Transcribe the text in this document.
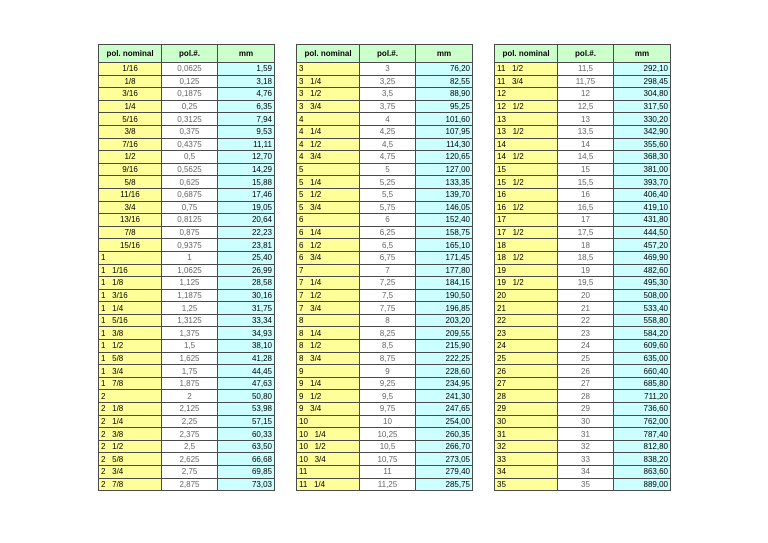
pol. nominal	pol.#.	mm
1/16	0,0625	1,59
1/8	0,125	3,18
3/16	0,1875	4,76
1/4	0,25	6,35
5/16	0,3125	7,94
3/8	0,375	9,53
7/16	0,4375	11,11
1/2	0,5	12,70
9/16	0,5625	14,29
5/8	0,625	15,88
11/16	0,6875	17,46
3/4	0,75	19,05
13/16	0,8125	20,64
7/8	0,875	22,23
15/16	0,9375	23,81
1	1	25,40
1   1/16	1,0625	26,99
1   1/8	1,125	28,58
1   3/16	1,1875	30,16
1   1/4	1,25	31,75
1   5/16	1,3125	33,34
1   3/8	1,375	34,93
1   1/2	1,5	38,10
1   5/8	1,625	41,28
1   3/4	1,75	44,45
1   7/8	1,875	47,63
2	2	50,80
2   1/8	2,125	53,98
2   1/4	2,25	57,15
2   3/8	2,375	60,33
2   1/2	2,5	63,50
2   5/8	2,625	66,68
2   3/4	2,75	69,85
2   7/8	2,875	73,03
pol. nominal	pol.#.	mm
3	3	76,20
3   1/4	3,25	82,55
3   1/2	3,5	88,90
3   3/4	3,75	95,25
4	4	101,60
4   1/4	4,25	107,95
4   1/2	4,5	114,30
4   3/4	4,75	120,65
5	5	127,00
5   1/4	5,25	133,35
5   1/2	5,5	139,70
5   3/4	5,75	146,05
6	6	152,40
6   1/4	6,25	158,75
6   1/2	6,5	165,10
6   3/4	6,75	171,45
7	7	177,80
7   1/4	7,25	184,15
7   1/2	7,5	190,50
7   3/4	7,75	196,85
8	8	203,20
8   1/4	8,25	209,55
8   1/2	8,5	215,90
8   3/4	8,75	222,25
9	9	228,60
9   1/4	9,25	234,95
9   1/2	9,5	241,30
9   3/4	9,75	247,65
10	10	254,00
10   1/4	10,25	260,35
10   1/2	10,5	266,70
10   3/4	10,75	273,05
11	11	279,40
11   1/4	11,25	285,75
pol. nominal	pol.#.	mm
11   1/2	11,5	292,10
11   3/4	11,75	298,45
12	12	304,80
12   1/2	12,5	317,50
13	13	330,20
13   1/2	13,5	342,90
14	14	355,60
14   1/2	14,5	368,30
15	15	381,00
15   1/2	15,5	393,70
16	16	406,40
16   1/2	16,5	419,10
17	17	431,80
17   1/2	17,5	444,50
18	18	457,20
18   1/2	18,5	469,90
19	19	482,60
19   1/2	19,5	495,30
20	20	508,00
21	21	533,40
22	22	558,80
23	23	584,20
24	24	609,60
25	25	635,00
26	26	660,40
27	27	685,80
28	28	711,20
29	29	736,60
30	30	762,00
31	31	787,40
32	32	812,80
33	33	838,20
34	34	863,60
35	35	889,00
